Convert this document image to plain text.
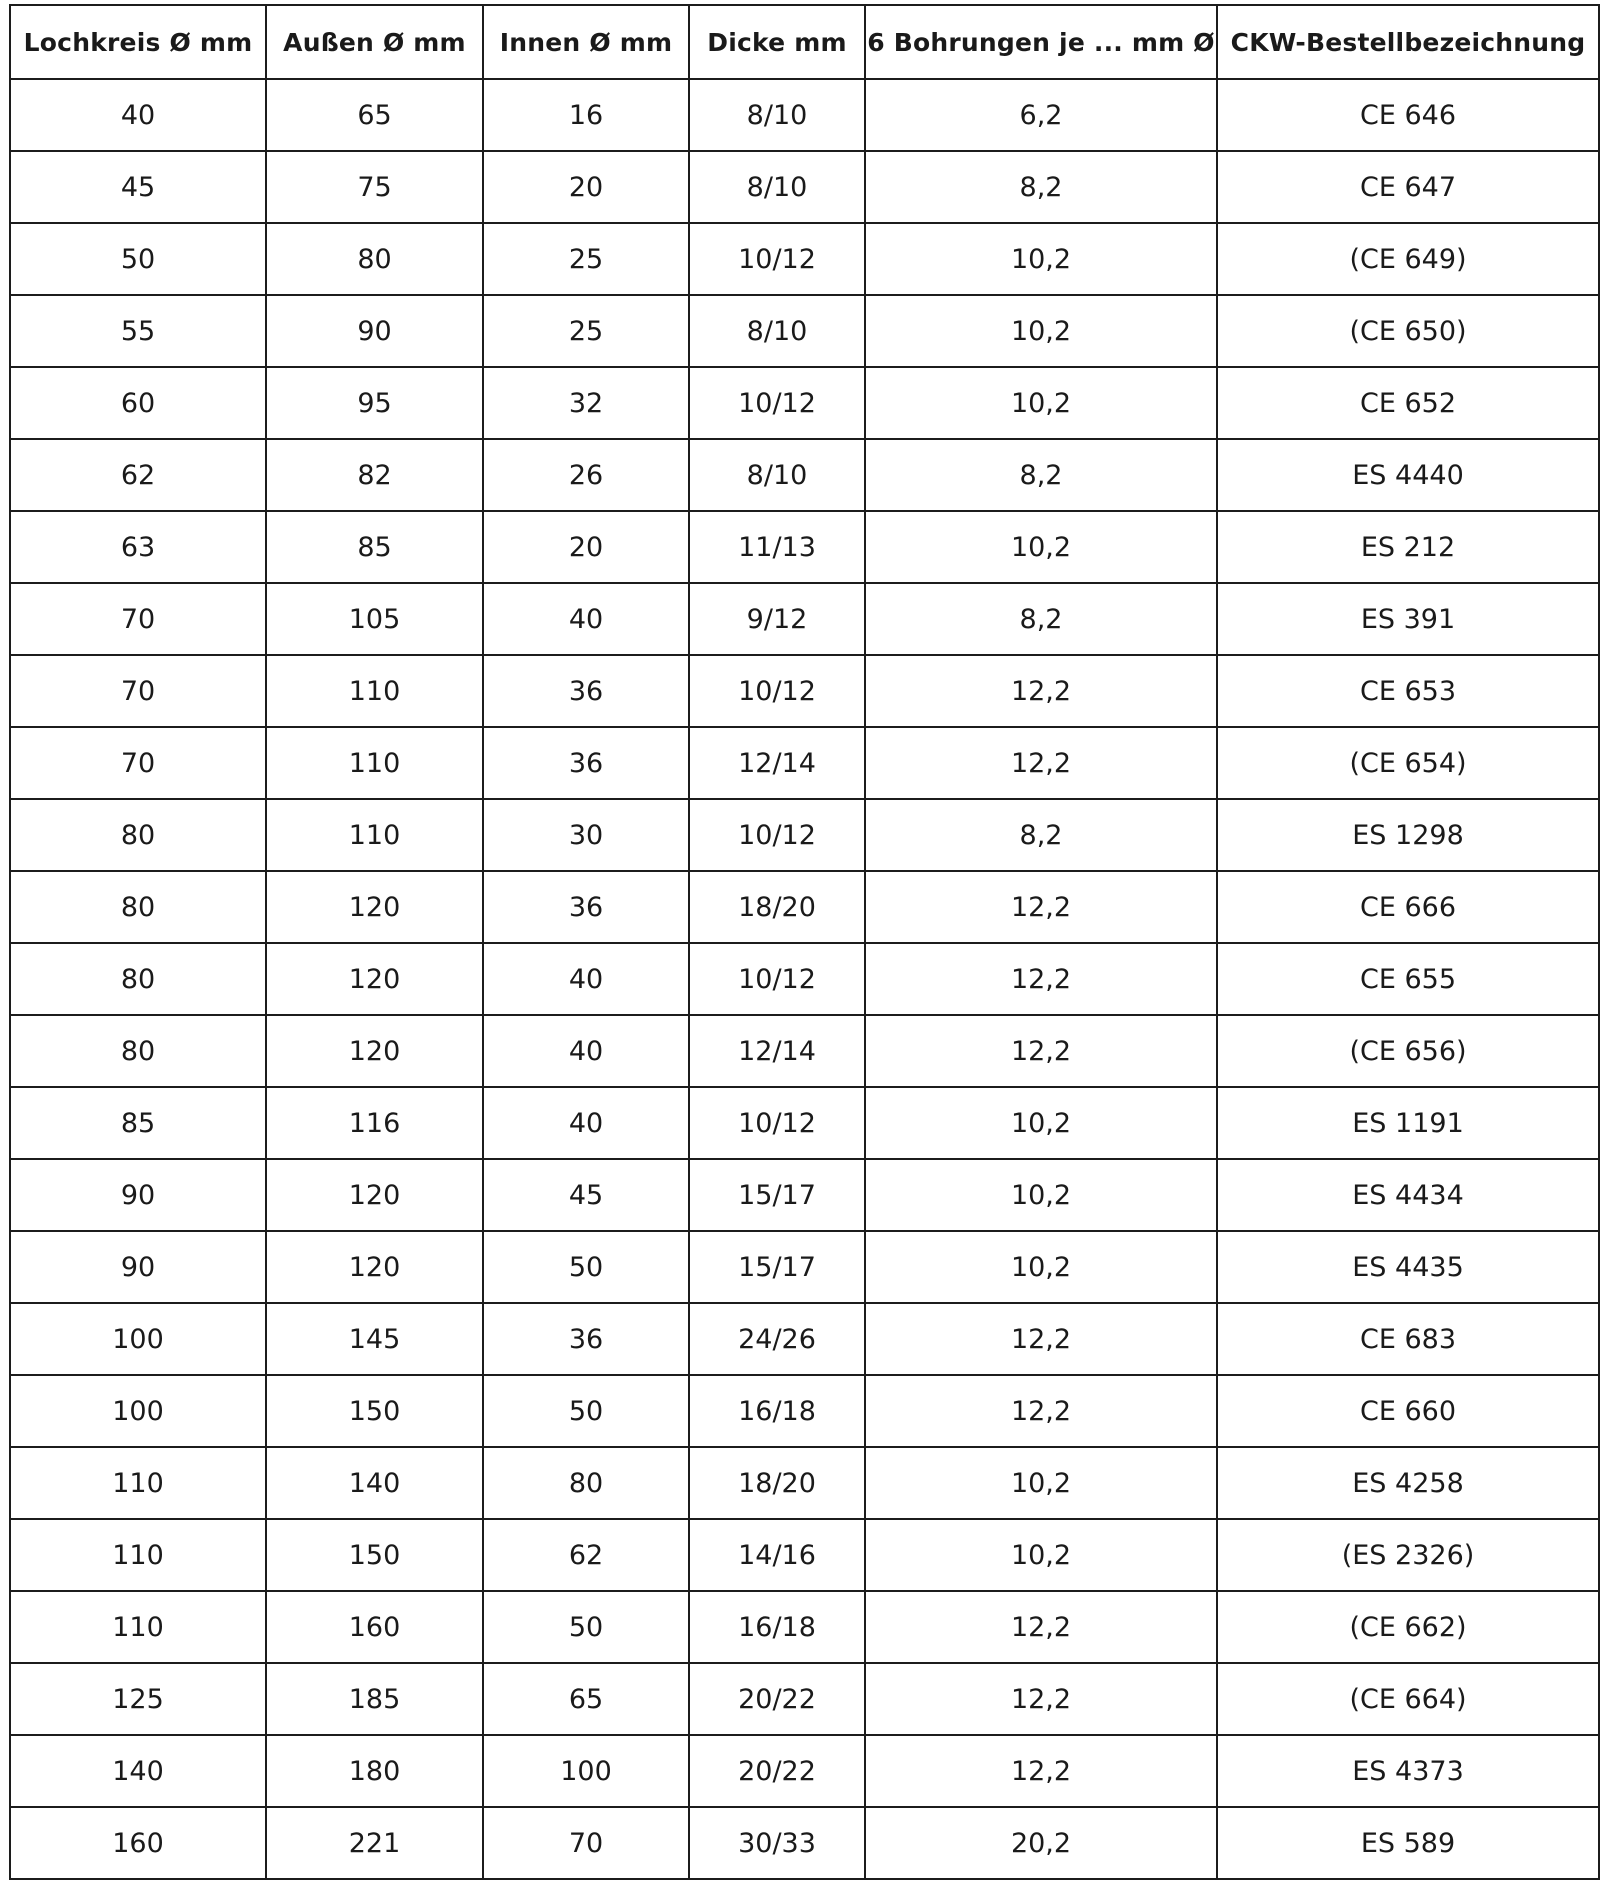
Lochkreis Ø mm	Außen Ø mm	Innen Ø mm	Dicke mm	6 Bohrungen je ... mm Ø	CKW-Bestellbezeichnung
40	65	16	8/10	6,2	CE 646
45	75	20	8/10	8,2	CE 647
50	80	25	10/12	10,2	(CE 649)
55	90	25	8/10	10,2	(CE 650)
60	95	32	10/12	10,2	CE 652
62	82	26	8/10	8,2	ES 4440
63	85	20	11/13	10,2	ES 212
70	105	40	9/12	8,2	ES 391
70	110	36	10/12	12,2	CE 653
70	110	36	12/14	12,2	(CE 654)
80	110	30	10/12	8,2	ES 1298
80	120	36	18/20	12,2	CE 666
80	120	40	10/12	12,2	CE 655
80	120	40	12/14	12,2	(CE 656)
85	116	40	10/12	10,2	ES 1191
90	120	45	15/17	10,2	ES 4434
90	120	50	15/17	10,2	ES 4435
100	145	36	24/26	12,2	CE 683
100	150	50	16/18	12,2	CE 660
110	140	80	18/20	10,2	ES 4258
110	150	62	14/16	10,2	(ES 2326)
110	160	50	16/18	12,2	(CE 662)
125	185	65	20/22	12,2	(CE 664)
140	180	100	20/22	12,2	ES 4373
160	221	70	30/33	20,2	ES 589
